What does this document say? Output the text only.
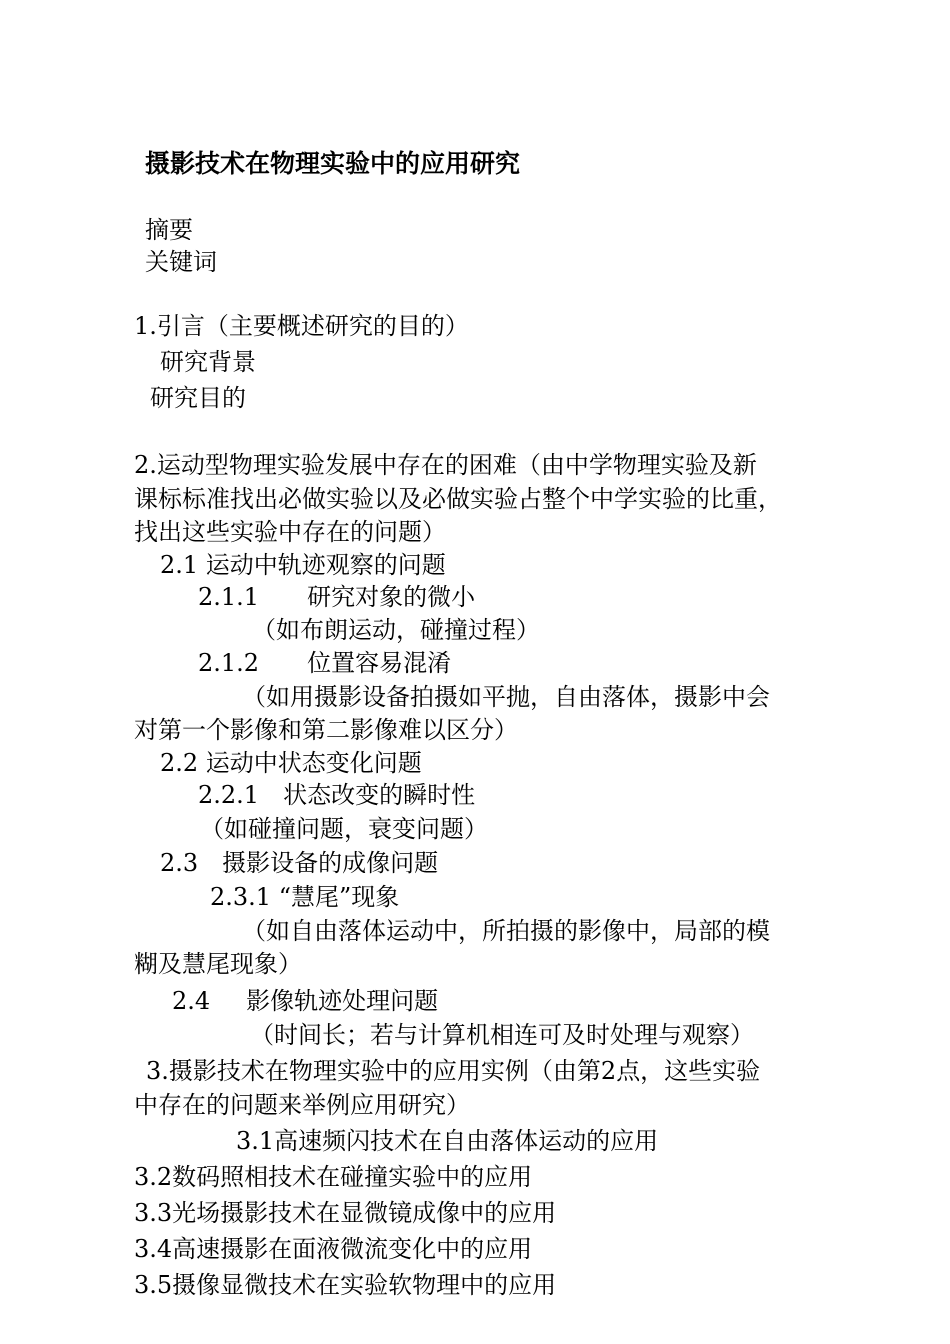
摄影技术在物理实验中的应用研究

摘要

关键词

1.引言（主要概述研究的目的）

研究背景

研究目的

2.运动型物理实验发展中存在的困难（由中学物理实验及新

课标标准找出必做实验以及必做实验占整个中学实验的比重，

找出这些实验中存在的问题）

2.1 运动中轨迹观察的问题

2.1.1　　研究对象的微小

（如布朗运动，碰撞过程）

2.1.2　　位置容易混淆

（如用摄影设备拍摄如平抛，自由落体，摄影中会

对第一个影像和第二影像难以区分）

2.2 运动中状态变化问题

2.2.1　状态改变的瞬时性

（如碰撞问题，衰变问题）

2.3 摄影设备的成像问题

2.3.1 “慧尾”现象

（如自由落体运动中，所拍摄的影像中，局部的模

糊及慧尾现象）

2.4 影像轨迹处理问题

（时间长；若与计算机相连可及时处理与观察）

3.摄影技术在物理实验中的应用实例（由第2点，这些实验

中存在的问题来举例应用研究）

3.1高速频闪技术在自由落体运动的应用

3.2数码照相技术在碰撞实验中的应用

3.3光场摄影技术在显微镜成像中的应用

3.4高速摄影在面液微流变化中的应用

3.5摄像显微技术在实验软物理中的应用
